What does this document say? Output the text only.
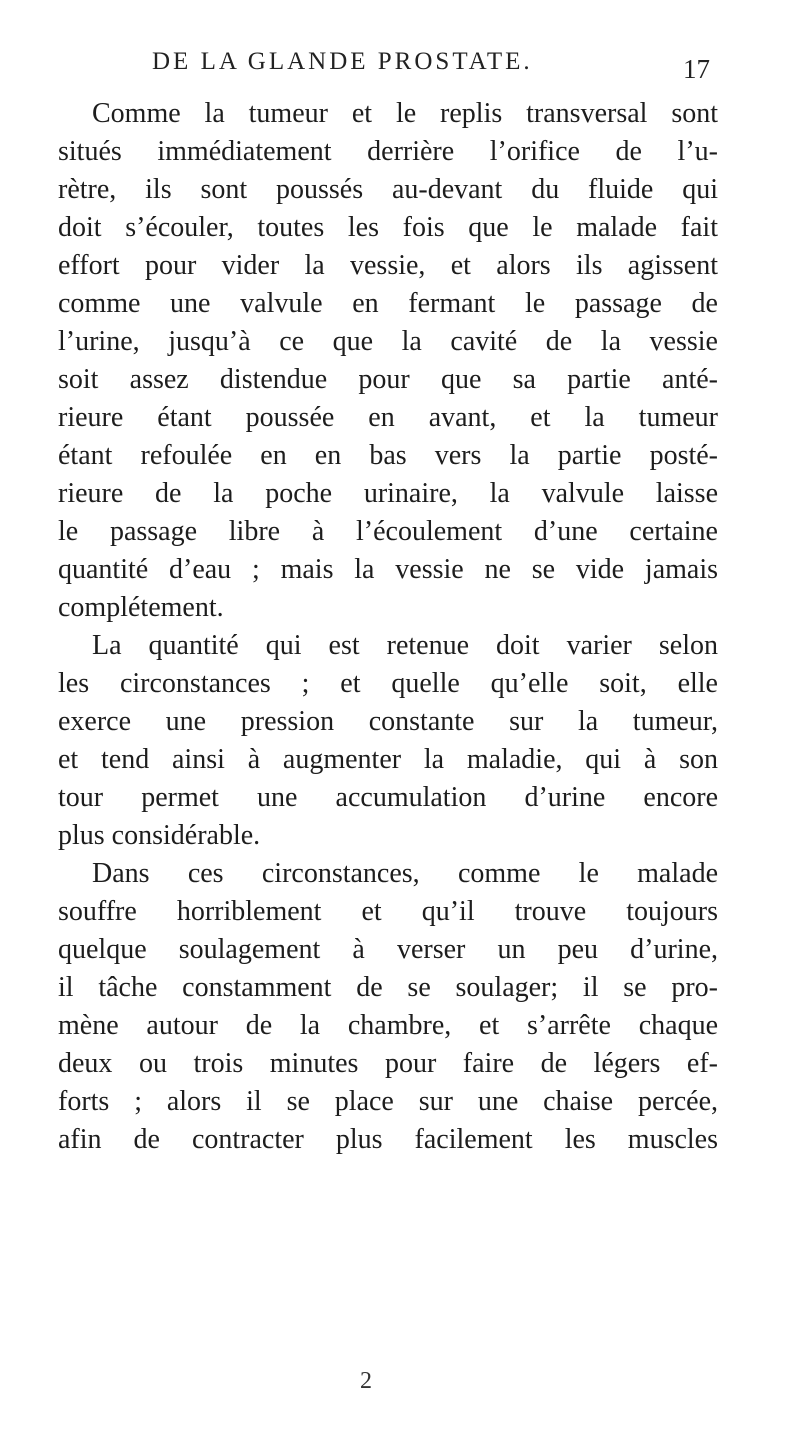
DE LA GLANDE PROSTATE.	17
Comme la tumeur et le replis transversal sont
situés immédiatement derrière l’orifice de l’u-
rètre, ils sont poussés au-devant du fluide qui
doit s’écouler, toutes les fois que le malade fait
effort pour vider la vessie, et alors ils agissent
comme une valvule en fermant le passage de
l’urine, jusqu’à ce que la cavité de la vessie
soit assez distendue pour que sa partie anté-
rieure étant poussée en avant, et la tumeur
étant refoulée en en bas vers la partie posté-
rieure de la poche urinaire, la valvule laisse
le passage libre à l’écoulement d’une certaine
quantité d’eau ; mais la vessie ne se vide jamais
complétement.
La quantité qui est retenue doit varier selon
les circonstances ; et quelle qu’elle soit, elle
exerce une pression constante sur la tumeur,
et tend ainsi à augmenter la maladie, qui à son
tour permet une accumulation d’urine encore
plus considérable.
Dans ces circonstances, comme le malade
souffre horriblement et qu’il trouve toujours
quelque soulagement à verser un peu d’urine,
il tâche constamment de se soulager; il se pro-
mène autour de la chambre, et s’arrête chaque
deux ou trois minutes pour faire de légers ef-
forts ; alors il se place sur une chaise percée,
afin de contracter plus facilement les muscles
2
